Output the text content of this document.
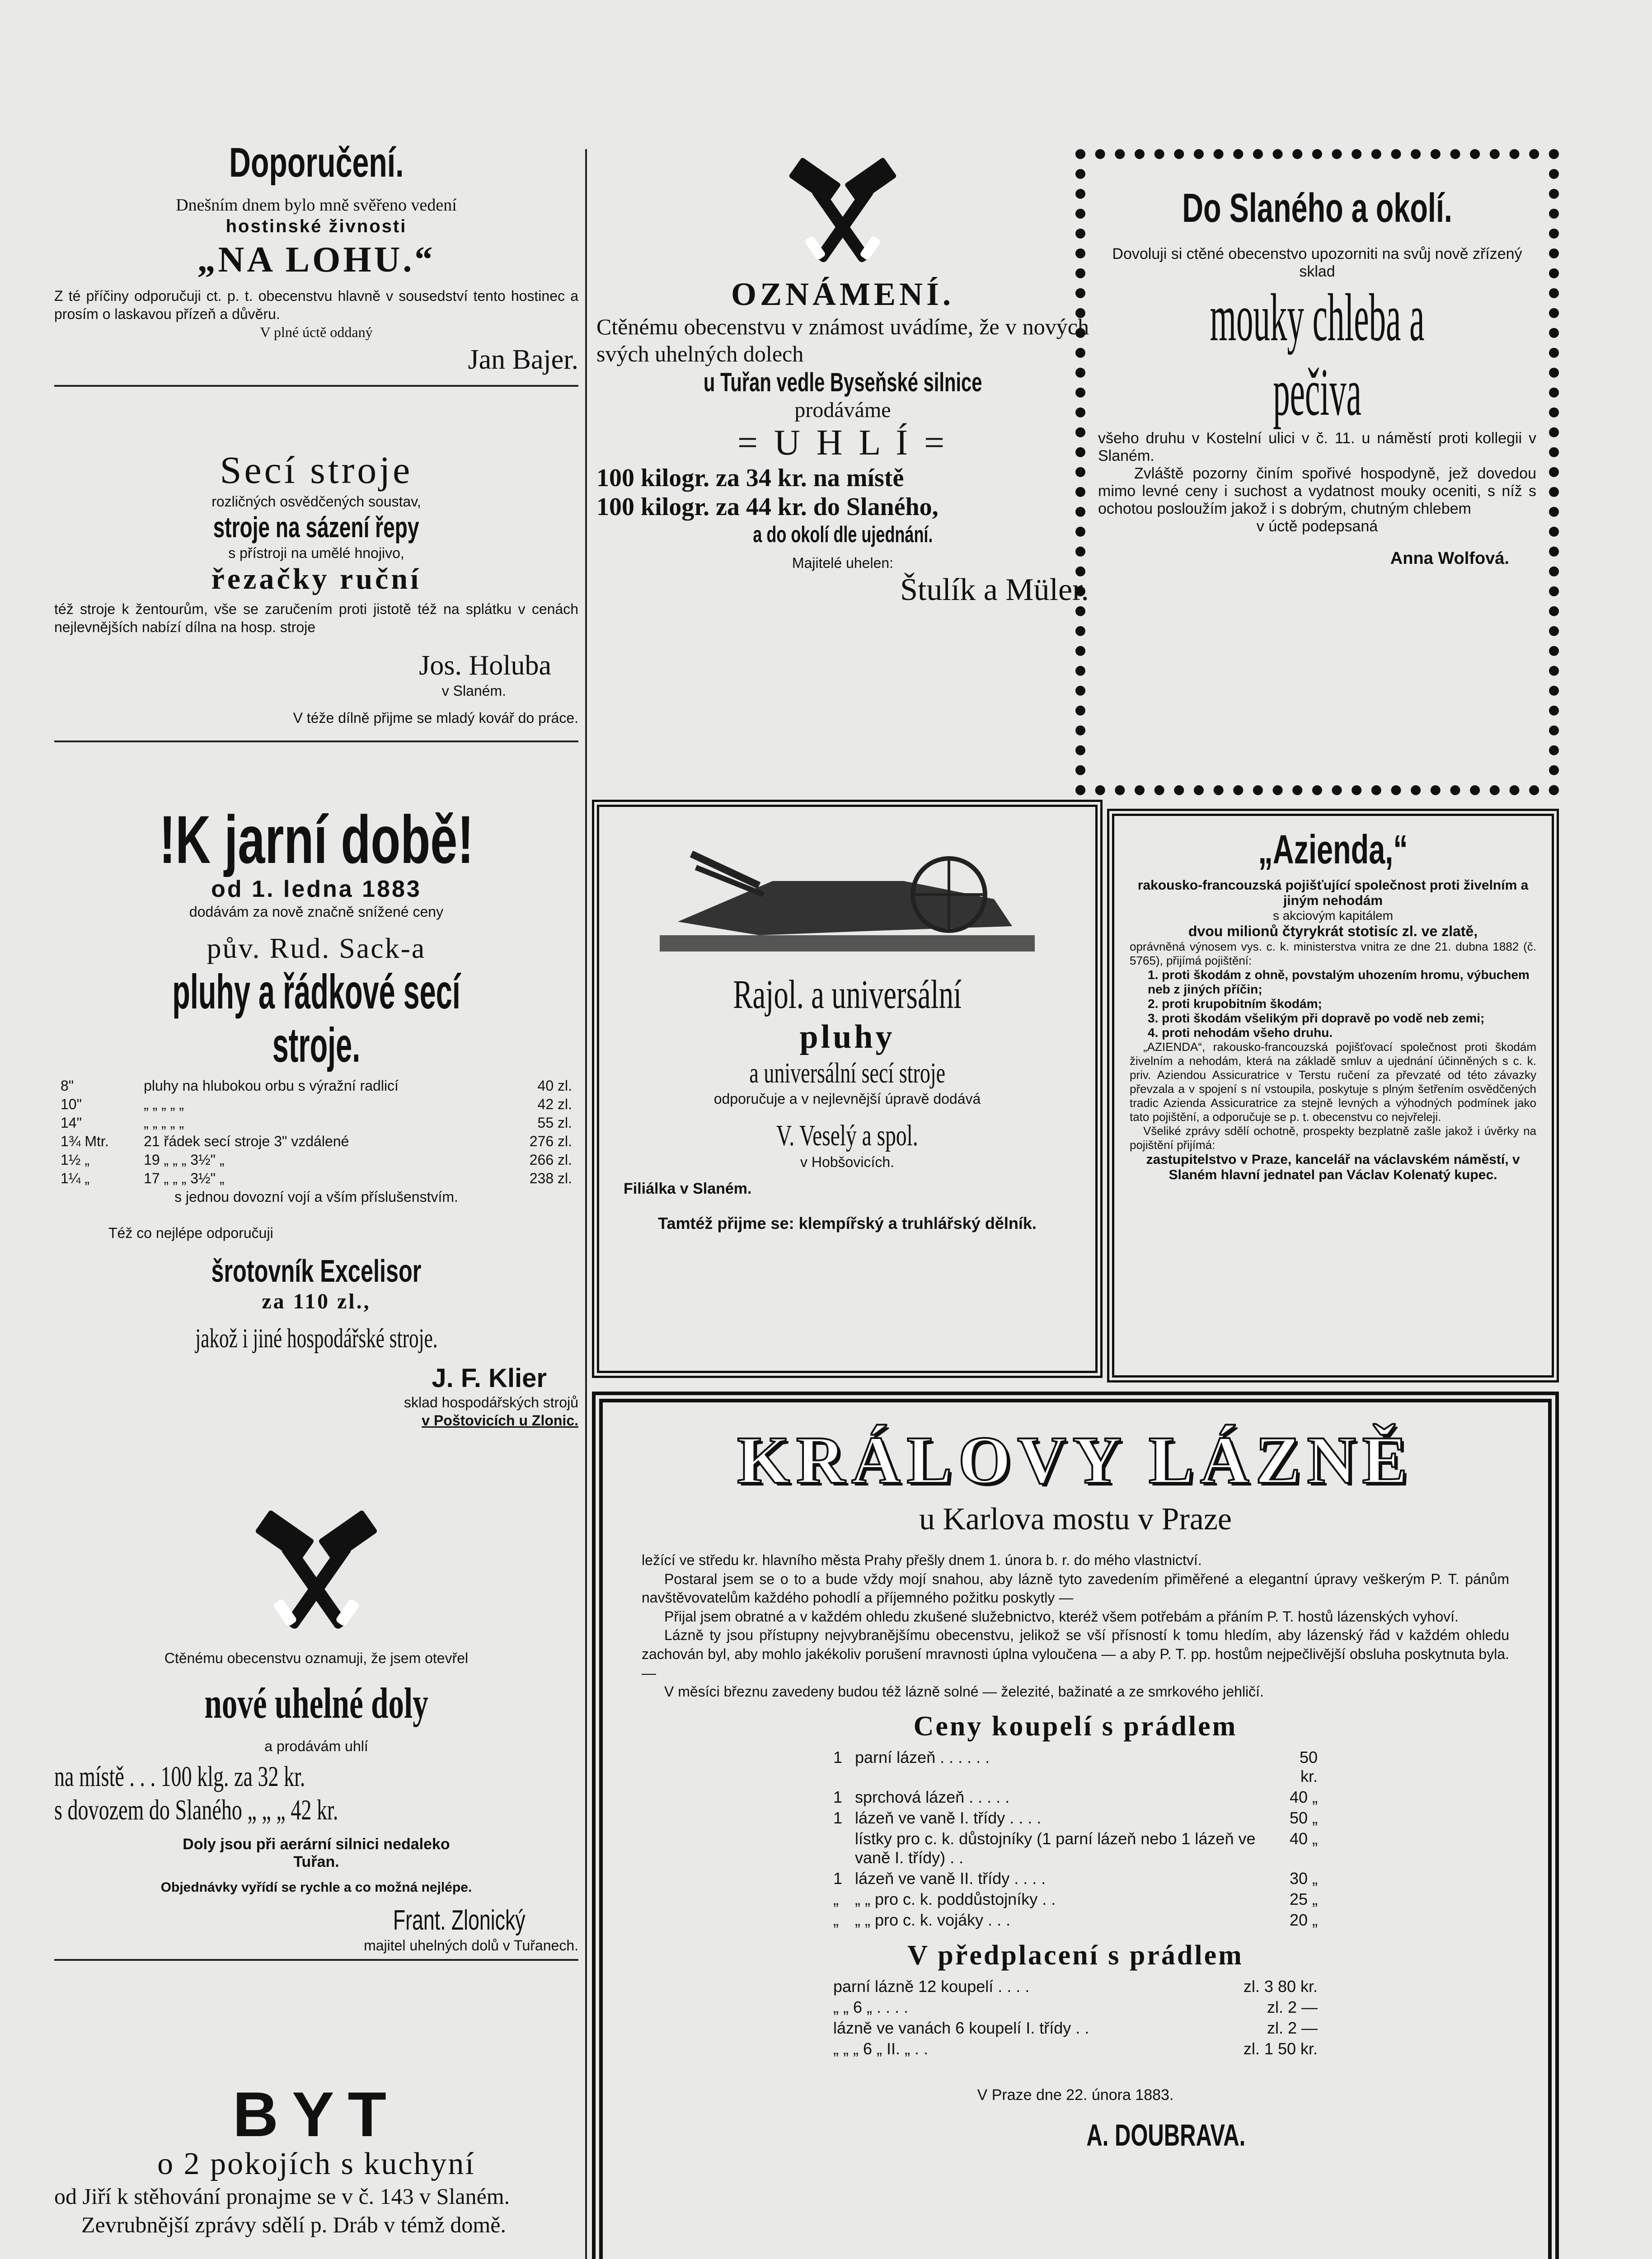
Doporučení.

Dnešním dnem bylo mně svěřeno vedení

hostinské živnosti

„NA LOHU.“

Z té příčiny odporučuji ct. p. t. obecenstvu hlavně v sousedství tento hostinec a prosím o laskavou přízeň a důvěru.

V plné úctě oddaný

Jan Bajer.

Secí stroje

rozličných osvědčených soustav,

stroje na sázení řepy

s přístroji na umělé hnojivo,

řezačky ruční

též stroje k žentourům, vše se zaručením proti jistotě též na splátku v cenách nejlevnějších nabízí dílna na hosp. stroje

Jos. Holuba

v Slaném.

V téže dílně přijme se mladý kovář do práce.

!K jarní době!

od 1. ledna 1883

dodávám za nově značně snížené ceny

pův. Rud. Sack-a

pluhy a řádkové secí stroje.
8"	pluhy na hlubokou orbu s výražní radlicí	40 zl.
10"	„ „ „ „ „	42 zl.
14"	„ „ „ „ „	55 zl.
1¾ Mtr.	21 řádek secí stroje 3" vzdálené	276 zl.
1½ „	19 „ „ „ 3½" „	266 zl.
1¼ „	17 „ „ „ 3½" „	238 zl.

s jednou dovozní vojí a vším příslušenstvím.

Též co nejlépe odporučuji

šrotovník Excelisor

za 110 zl.,

jakož i jiné hospodářské stroje.

J. F. Klier

sklad hospodářských strojů

v Poštovicích u Zlonic.

Ctěnému obecenstvu oznamuji, že jsem otevřel

nové uhelné doly

a prodávám uhlí

na místě . . . 100 klg. za 32 kr.

s dovozem do Slaného „ „ „ 42 kr.

Doly jsou při aerární silnici nedaleko

Tuřan.

Objednávky vyřídí se rychle a co možná nejlépe.

Frant. Zlonický

majitel uhelných dolů v Tuřanech.

BYT

o 2 pokojích s kuchyní

od Jiří k stěhování pronajme se v č. 143 v Slaném.

Zevrubnější zprávy sdělí p. Dráb v témž domě.

OZNÁMENÍ.

Ctěnému obecenstvu v známost uvádíme, že v nových svých uhelných dolech

u Tuřan vedle Byseňské silnice

prodáváme

= U H L Í =

100 kilogr. za 34 kr. na místě

100 kilogr. za 44 kr. do Slaného,

a do okolí dle ujednání.

Majitelé uhelen:

Štulík a Müler.

Rajol. a universální

pluhy

a universální secí stroje

odporučuje a v nejlevnější úpravě dodává

V. Veselý a spol.

v Hobšovicích.

Filiálka v Slaném.

Tamtéž přijme se: klempířský a truhlářský dělník.

Do Slaného a okolí.

Dovoluji si ctěné obecenstvo upozorniti na svůj nově zřízený sklad

mouky chleba a pečiva

všeho druhu v Kostelní ulici v č. 11. u náměstí proti kollegii v Slaném.

Zvláště pozorny činím spořivé hospodyně, jež dovedou mimo levné ceny i suchost a vydatnost mouky oceniti, s níž s ochotou posloužím jakož i s dobrým, chutným chlebem

v úctě podepsaná

Anna Wolfová.

„Azienda,“

rakousko-francouzská pojišťující společnost proti živelním a jiným nehodám

s akciovým kapitálem

dvou milionů čtyrykrát stotisíc zl. ve zlatě,

oprávněná výnosem vys. c. k. ministerstva vnitra ze dne 21. dubna 1882 (č. 5765), přijímá pojištění:

1. proti škodám z ohně, povstalým uhozením hromu, výbuchem neb z jiných příčin;

2. proti krupobitním škodám;

3. proti škodám všelikým při dopravě po vodě neb zemi;

4. proti nehodám všeho druhu.

„AZIENDA“, rakousko-francouzská pojišťovací společnost proti škodám živelním a nehodám, která na základě smluv a ujednání účinněných s c. k. priv. Aziendou Assicuratrice v Terstu ručení za převzaté od této závazky převzala a v spojení s ní vstoupila, poskytuje s plným šetřením osvědčených tradic Azienda Assicuratrice za stejně levných a výhodných podmínek jako tato pojištění, a odporučuje se p. t. obecenstvu co nejvřeleji.

Všeliké zprávy sdělí ochotně, prospekty bezplatně zašle jakož i úvěrky na pojištění přijímá:

zastupitelstvo v Praze, kancelář na václavském náměstí, v Slaném hlavní jednatel pan Václav Kolenatý kupec.

KRÁLOVY LÁZNĚ

u Karlova mostu v Praze

ležící ve středu kr. hlavního města Prahy přešly dnem 1. února b. r. do mého vlastnictví.

Postaral jsem se o to a bude vždy mojí snahou, aby lázně tyto zavedením přiměřené a elegantní úpravy veškerým P. T. pánům navštěvovatelům každého pohodlí a příjemného požitku poskytly —

Přijal jsem obratné a v každém ohledu zkušené služebnictvo, kteréž všem potřebám a přáním P. T. hostů lázenských vyhoví.

Lázně ty jsou přístupny nejvybranějšímu obecenstvu, jelikož se vší přísností k tomu hledím, aby lázenský řád v každém ohledu zachován byl, aby mohlo jakékoliv porušení mravnosti úplna vyloučena — a aby P. T. pp. hostům nejpečlivější obsluha poskytnuta byla. —

V měsíci březnu zavedeny budou též lázně solné — železité, bažinaté a ze smrkového jehličí.

Ceny koupelí s prádlem

1	parní lázeň . . . . . .	50 kr.
1	sprchová lázeň . . . . .	40 „
1	lázeň ve vaně I. třídy . . . .	50 „
	lístky pro c. k. důstojníky (1 parní lázeň nebo 1 lázeň ve vaně I. třídy) . .	40 „
1	lázeň ve vaně II. třídy . . . .	30 „
„	„ „ pro c. k. poddůstojníky . .	25 „
„	„ „ pro c. k. vojáky . . .	20 „

V předplacení s prádlem

parní lázně 12 koupelí . . . .	zl. 3 80 kr.
„ „ 6 „ . . . .	zl. 2 —
lázně ve vanách 6 koupelí I. třídy . .	zl. 2 —
„ „ „ 6 „ II. „ . .	zl. 1 50 kr.

V Praze dne 22. února 1883.

A. DOUBRAVA.
